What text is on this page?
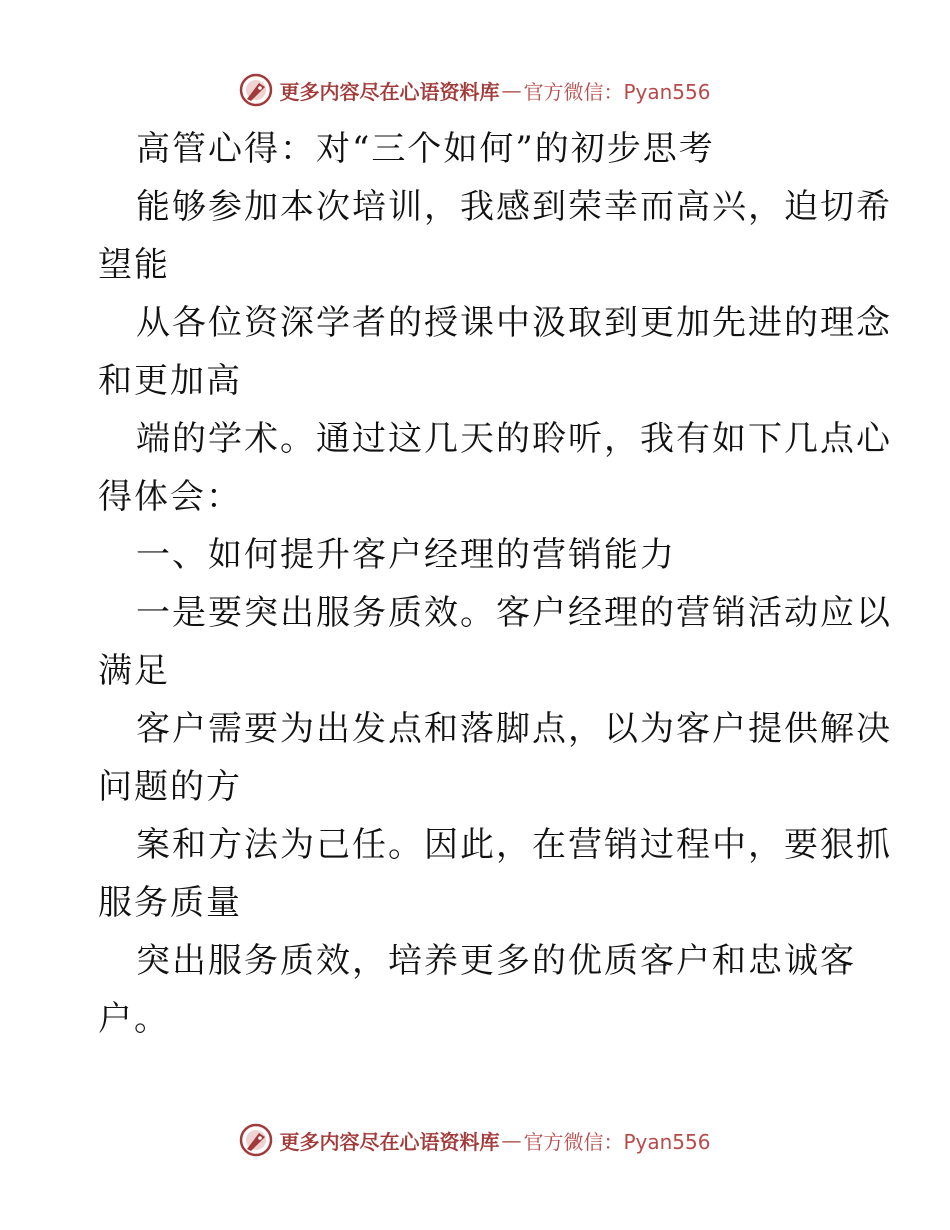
更多内容尽在心语资料库 — 官方微信：Pyan556
高管心得：对“三个如何”的初步思考
能够参加本次培训，我感到荣幸而高兴，迫切希
望能
从各位资深学者的授课中汲取到更加先进的理念
和更加高
端的学术。通过这几天的聆听，我有如下几点心
得体会：
一、如何提升客户经理的营销能力
一是要突出服务质效。客户经理的营销活动应以
满足
客户需要为出发点和落脚点，以为客户提供解决
问题的方
案和方法为己任。因此，在营销过程中，要狠抓
服务质量
突出服务质效，培养更多的优质客户和忠诚客
户。
更多内容尽在心语资料库 — 官方微信：Pyan556
